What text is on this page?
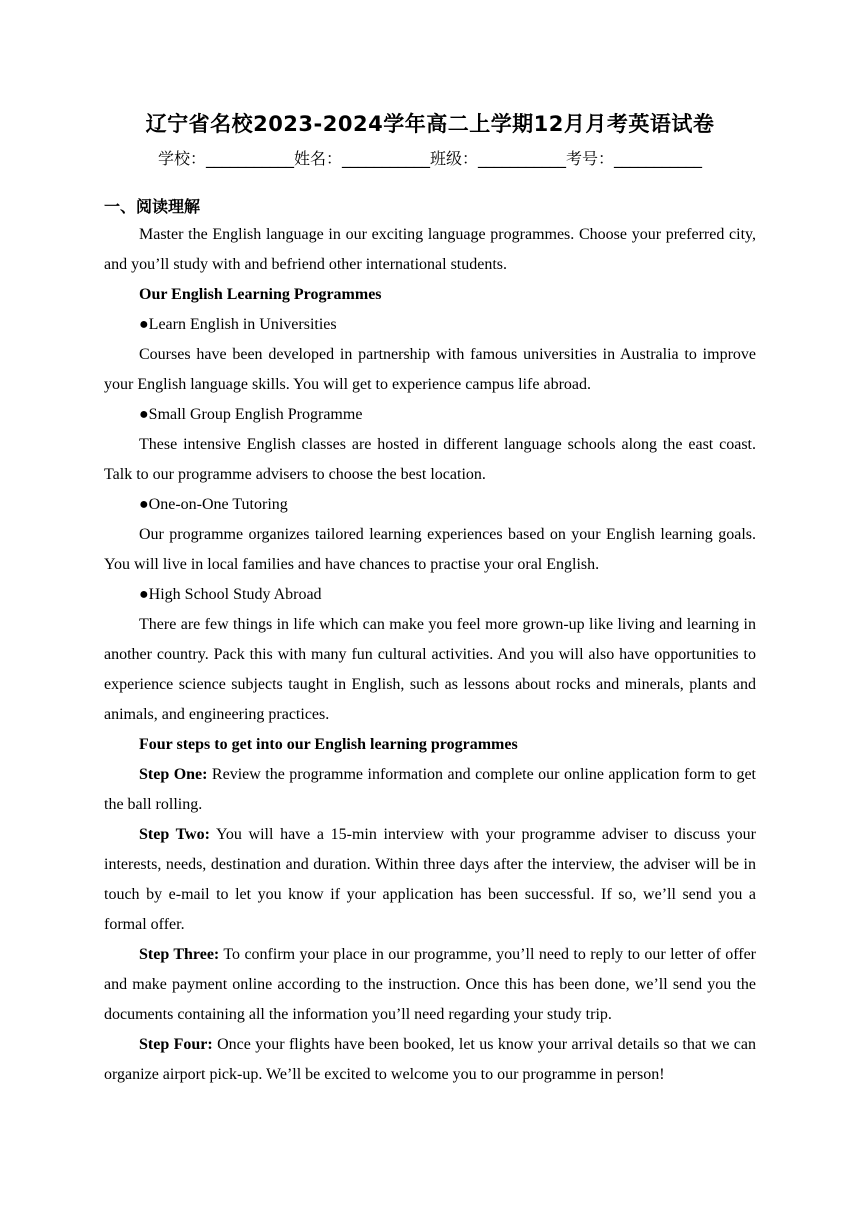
辽宁省名校2023-2024学年高二上学期12月月考英语试卷
学校：___________姓名：___________班级：___________考号：___________
一、阅读理解

Master the English language in our exciting language programmes. Choose your preferred city, and you’ll study with and befriend other international students.

Our English Learning Programmes

●Learn English in Universities

Courses have been developed in partnership with famous universities in Australia to improve your English language skills. You will get to experience campus life abroad.

●Small Group English Programme

These intensive English classes are hosted in different language schools along the east coast. Talk to our programme advisers to choose the best location.

●One-on-One Tutoring

Our programme organizes tailored learning experiences based on your English learning goals. You will live in local families and have chances to practise your oral English.

●High School Study Abroad

There are few things in life which can make you feel more grown-up like living and learning in another country. Pack this with many fun cultural activities. And you will also have opportunities to experience science subjects taught in English, such as lessons about rocks and minerals, plants and animals, and engineering practices.

Four steps to get into our English learning programmes

Step One: Review the programme information and complete our online application form to get the ball rolling.

Step Two: You will have a 15-min interview with your programme adviser to discuss your interests, needs, destination and duration. Within three days after the interview, the adviser will be in touch by e-mail to let you know if your application has been successful. If so, we’ll send you a formal offer.

Step Three: To confirm your place in our programme, you’ll need to reply to our letter of offer and make payment online according to the instruction. Once this has been done, we’ll send you the documents containing all the information you’ll need regarding your study trip.

Step Four: Once your flights have been booked, let us know your arrival details so that we can organize airport pick-up. We’ll be excited to welcome you to our programme in person!
